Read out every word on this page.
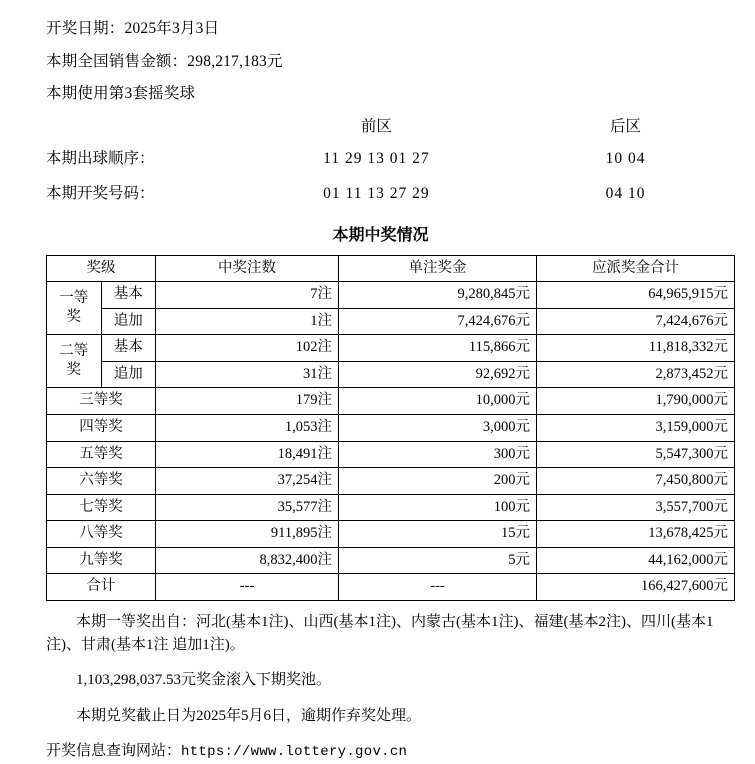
开奖日期：2025年3月3日
本期全国销售金额：298,217,183元
本期使用第3套摇奖球
	前区	后区
本期出球顺序：	11 29 13 01 27	10 04
本期开奖号码：	01 11 13 27 29	04 10
本期中奖情况
奖级		中奖注数	单注奖金	应派奖金合计
一等奖	基本	7注	9,280,845元	64,965,915元
	追加	1注	7,424,676元	7,424,676元
二等奖	基本	102注	115,866元	11,818,332元
	追加	31注	92,692元	2,873,452元
三等奖		179注	10,000元	1,790,000元
四等奖		1,053注	3,000元	3,159,000元
五等奖		18,491注	300元	5,547,300元
六等奖		37,254注	200元	7,450,800元
七等奖		35,577注	100元	3,557,700元
八等奖		911,895注	15元	13,678,425元
九等奖		8,832,400注	5元	44,162,000元
合计		---	---	166,427,600元

本期一等奖出自：河北(基本1注)、山西(基本1注)、内蒙古(基本1注)、福建(基本2注)、四川(基本1注)、甘肃(基本1注 追加1注)。

1,103,298,037.53元奖金滚入下期奖池。

本期兑奖截止日为2025年5月6日，逾期作弃奖处理。

开奖信息查询网站：https://www.lottery.gov.cn
